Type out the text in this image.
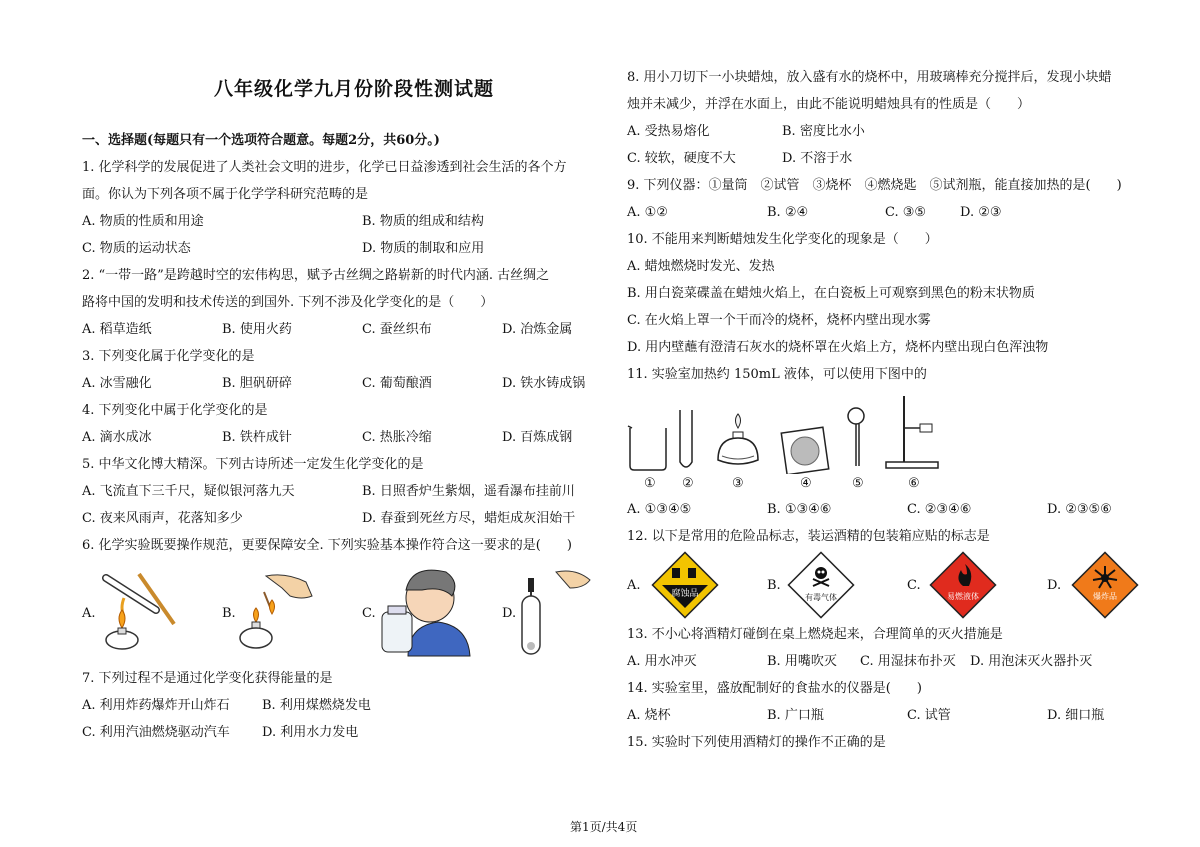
八年级化学九月份阶段性测试题
一、选择题(每题只有一个选项符合题意。每题2分，共60分。)
1. 化学科学的发展促进了人类社会文明的进步，化学已日益渗透到社会生活的各个方
面。你认为下列各项不属于化学学科研究范畴的是
A. 物质的性质和用途	B. 物质的组成和结构
C. 物质的运动状态	D. 物质的制取和应用
2. “一带一路”是跨越时空的宏伟构思，赋予古丝绸之路崭新的时代内涵. 古丝绸之
路将中国的发明和技术传送的到国外. 下列不涉及化学变化的是（　　）
A. 稻草造纸	B. 使用火药	C. 蚕丝织布	D. 冶炼金属
3. 下列变化属于化学变化的是
A. 冰雪融化	B. 胆矾研碎	C. 葡萄酿酒	D. 铁水铸成锅
4. 下列变化中属于化学变化的是
A. 滴水成冰	B. 铁杵成针	C. 热胀冷缩	D. 百炼成钢
5. 中华文化博大精深。下列古诗所述一定发生化学变化的是
A. 飞流直下三千尺，疑似银河落九天	B. 日照香炉生紫烟，遥看瀑布挂前川
C. 夜来风雨声，花落知多少	D. 春蚕到死丝方尽，蜡炬成灰泪始干
6. 化学实验既要操作规范，更要保障安全. 下列实验基本操作符合这一要求的是(　　)
A.	B.	C.	D.
7. 下列过程不是通过化学变化获得能量的是
A. 利用炸药爆炸开山炸石 B. 利用煤燃烧发电
C. 利用汽油燃烧驱动汽车 D. 利用水力发电
8. 用小刀切下一小块蜡烛，放入盛有水的烧杯中，用玻璃棒充分搅拌后，发现小块蜡
烛并未减少，并浮在水面上，由此不能说明蜡烛具有的性质是（　　）
A. 受热易熔化	B. 密度比水小
C. 较软，硬度不大	D. 不溶于水
9. 下列仪器：①量筒　②试管　③烧杯　④燃烧匙　⑤试剂瓶，能直接加热的是(　　)
A. ①②	B. ②④	C. ③⑤	D. ②③
10. 不能用来判断蜡烛发生化学变化的现象是（　　）
A. 蜡烛燃烧时发光、发热
B. 用白瓷菜碟盖在蜡烛火焰上，在白瓷板上可观察到黑色的粉末状物质
C. 在火焰上罩一个干而冷的烧杯，烧杯内壁出现水雾
D. 用内壁蘸有澄清石灰水的烧杯罩在火焰上方，烧杯内壁出现白色浑浊物
11. 实验室加热约 150mL 液体，可以使用下图中的
① ②	③	④	⑤	⑥
A. ①③④⑤	B. ①③④⑥	C. ②③④⑥	D. ②③⑤⑥
12. 以下是常用的危险品标志，装运酒精的包装箱应贴的标志是
A.
腐蚀品
B.
有毒气体
C.
易燃液体
D.
爆炸品
13. 不小心将酒精灯碰倒在桌上燃烧起来，合理简单的灭火措施是
A. 用水冲灭	B. 用嘴吹灭 C. 用湿抹布扑灭 D. 用泡沫灭火器扑灭
14. 实验室里，盛放配制好的食盐水的仪器是(　　)
A. 烧杯	B. 广口瓶	C. 试管	D. 细口瓶
15. 实验时下列使用酒精灯的操作不正确的是
第1页/共4页
